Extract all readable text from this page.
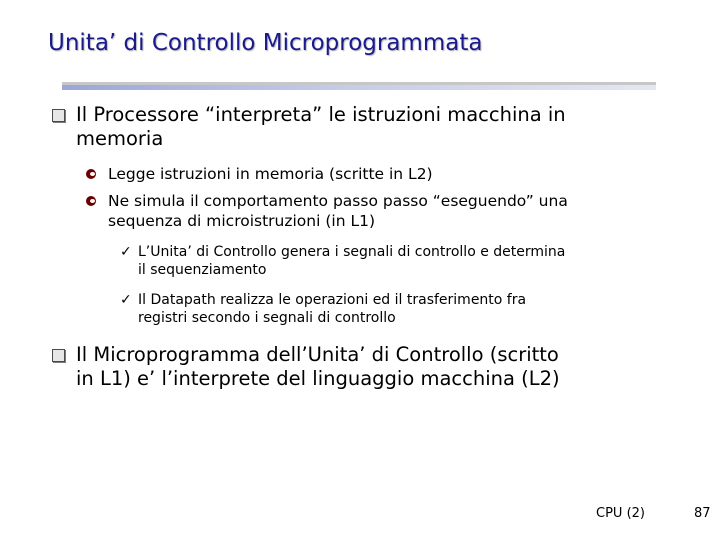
Unita’ di Controllo Microprogrammata
Il Processore “interpreta” le istruzioni macchina in
memoria
Legge istruzioni in memoria (scritte in L2)
Ne simula il comportamento passo passo “eseguendo” una
sequenza di microistruzioni (in L1)
✓ L’Unita’ di Controllo genera i segnali di controllo e determina
il sequenziamento
✓ Il Datapath realizza le operazioni ed il trasferimento fra
registri secondo i segnali di controllo
Il Microprogramma dell’Unita’ di Controllo (scritto
in L1) e’ l’interprete del linguaggio macchina (L2)
CPU (2)	87
